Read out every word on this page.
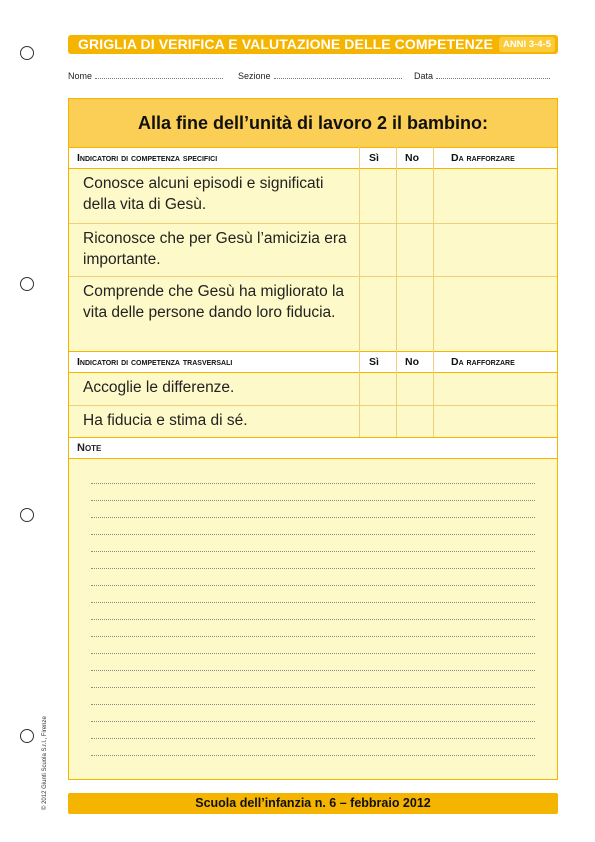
GRIGLIA DI VERIFICA E VALUTAZIONE DELLE COMPETENZE	ANNI 3-4-5
Nome	Sezione	Data
Alla fine dell’unità di lavoro 2 il bambino:
Indicatori di competenza specifici	Sì No	Da rafforzare
Conosce alcuni episodi e significati della vita di Gesù.
Riconosce che per Gesù l’amicizia era importante.
Comprende che Gesù ha migliorato la vita delle persone dando loro fiducia.
Indicatori di competenza trasversali	Sì No	Da rafforzare
Accoglie le differenze.
Ha fiducia e stima di sé.
Note
© 2012 Giunti Scuola S.r.l., Firenze	Scuola dell’infanzia n. 6 – febbraio 2012
